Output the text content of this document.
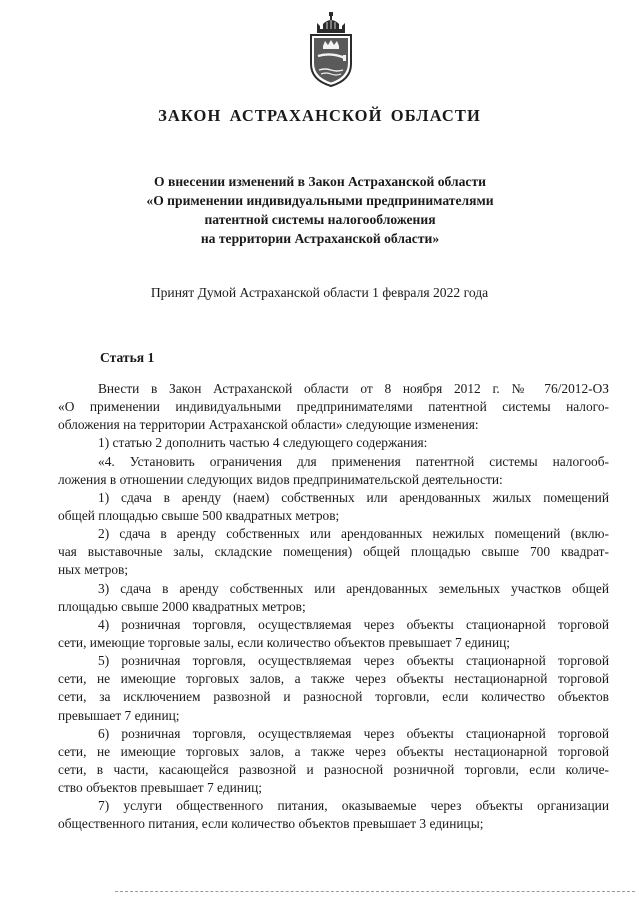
ЗАКОН АСТРАХАНСКОЙ ОБЛАСТИ
О внесении изменений в Закон Астраханской области
«О применении индивидуальными предпринимателями
патентной системы налогообложения
на территории Астраханской области»
Принят Думой Астраханской области 1 февраля 2022 года
Статья 1
Внести в Закон Астраханской области от 8 ноября 2012 г. № 76/2012-ОЗ
«О применении индивидуальными предпринимателями патентной системы налого-
обложения на территории Астраханской области» следующие изменения:
1) статью 2 дополнить частью 4 следующего содержания:
«4. Установить ограничения для применения патентной системы налогооб-
ложения в отношении следующих видов предпринимательской деятельности:
1) сдача в аренду (наем) собственных или арендованных жилых помещений
общей площадью свыше 500 квадратных метров;
2) сдача в аренду собственных или арендованных нежилых помещений (вклю-
чая выставочные залы, складские помещения) общей площадью свыше 700 квадрат-
ных метров;
3) сдача в аренду собственных или арендованных земельных участков общей
площадью свыше 2000 квадратных метров;
4) розничная торговля, осуществляемая через объекты стационарной торговой
сети, имеющие торговые залы, если количество объектов превышает 7 единиц;
5) розничная торговля, осуществляемая через объекты стационарной торговой
сети, не имеющие торговых залов, а также через объекты нестационарной торговой
сети, за исключением развозной и разносной торговли, если количество объектов
превышает 7 единиц;
6) розничная торговля, осуществляемая через объекты стационарной торговой
сети, не имеющие торговых залов, а также через объекты нестационарной торговой
сети, в части, касающейся развозной и разносной розничной торговли, если количе-
ство объектов превышает 7 единиц;
7) услуги общественного питания, оказываемые через объекты организации
общественного питания, если количество объектов превышает 3 единицы;
